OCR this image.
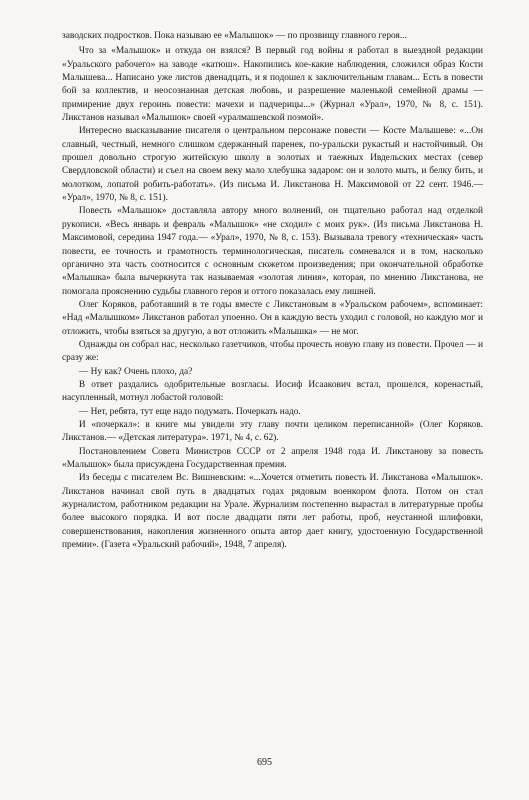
заводских подростков. Пока называю ее «Малышок» — по прозвищу главного героя...

Что за «Малышок» и откуда он взялся? В первый год войны я работал в выездной редакции «Уральского рабочего» на заводе «катюш». Накопились кое-какие наблюдения, сложился образ Кости Малышева... Написано уже листов двенадцать, и я подошел к заключительным главам... Есть в повести бой за коллектив, и неосознанная детская любовь, и разрешение маленькой семейной драмы — примирение двух героинь повести: мачехи и падчерицы...» (Журнал «Урал», 1970, № 8, с. 151). Ликстанов называл «Малышок» своей «уралмашевской поэмой».

Интересно высказывание писателя о центральном персонаже повести — Косте Малышеве: «...Он славный, честный, немного слишком сдержанный паренек, по-уральски рукастый и настойчивый. Он прошел довольно строгую житейскую школу в золотых и таежных Ивдельских местах (север Свердловской области) и съел на своем веку мало хлебушка задаром: он и золото мыть, и белку бить, и молотком, лопатой робить-работать». (Из письма И. Ликстанова Н. Максимовой от 22 сент. 1946.— «Урал», 1970, № 8, с. 151).

Повесть «Малышок» доставляла автору много волнений, он тщательно работал над отделкой рукописи. «Весь январь и февраль «Малышок» «не сходил» с моих рук». (Из письма Ликстанова Н. Максимовой, середина 1947 года.— «Урал», 1970, № 8, с. 153). Вызывала тревогу «техническая» часть повести, ее точность и грамотность терминологическая, писатель сомневался и в том, насколько органично эта часть соотносится с основным сюжетом произведения; при окончательной обработке «Малышка» была вычеркнута так называемая «золотая линия», которая, по мнению Ликстанова, не помогала прояснению судьбы главного героя и оттого показалась ему лишней.

Олег Коряков, работавший в те годы вместе с Ликстановым в «Уральском рабочем», вспоминает: «Над «Малышком» Ликстанов работал упоенно. Он в каждую весть уходил с головой, но каждую мог и отложить, чтобы взяться за другую, а вот отложить «Малышка» — не мог.

Однажды он собрал нас, несколько газетчиков, чтобы прочесть новую главу из повести. Прочел — и сразу же:

— Ну как? Очень плохо, да?

В ответ раздались одобрительные возгласы. Иосиф Исаакович встал, прошелся, коренастый, насупленный, мотнул лобастой головой:

— Нет, ребята, тут еще надо подумать. Почеркать надо.

И «почеркал»: в книге мы увидели эту главу почти целиком переписанной» (Олег Коряков. Ликстанов.— «Детская литература». 1971, № 4, с. 62).

Постановлением Совета Министров СССР от 2 апреля 1948 года И. Ликстанову за повесть «Малышок» была присуждена Государственная премия.

Из беседы с писателем Вс. Вишневским: «...Хочется отметить повесть И. Ликстанова «Малышок». Ликстанов начинал свой путь в двадцатых годах рядовым военкором флота. Потом он стал журналистом, работником редакции на Урале. Журнализм постепенно вырастал в литературные пробы более высокого порядка. И вот после двадцати пяти лет работы, проб, неустанной шлифовки, совершенствования, накопления жизненного опыта автор дает книгу, удостоенную Государственной премии». (Газета «Уральский рабочий», 1948, 7 апреля).

695
